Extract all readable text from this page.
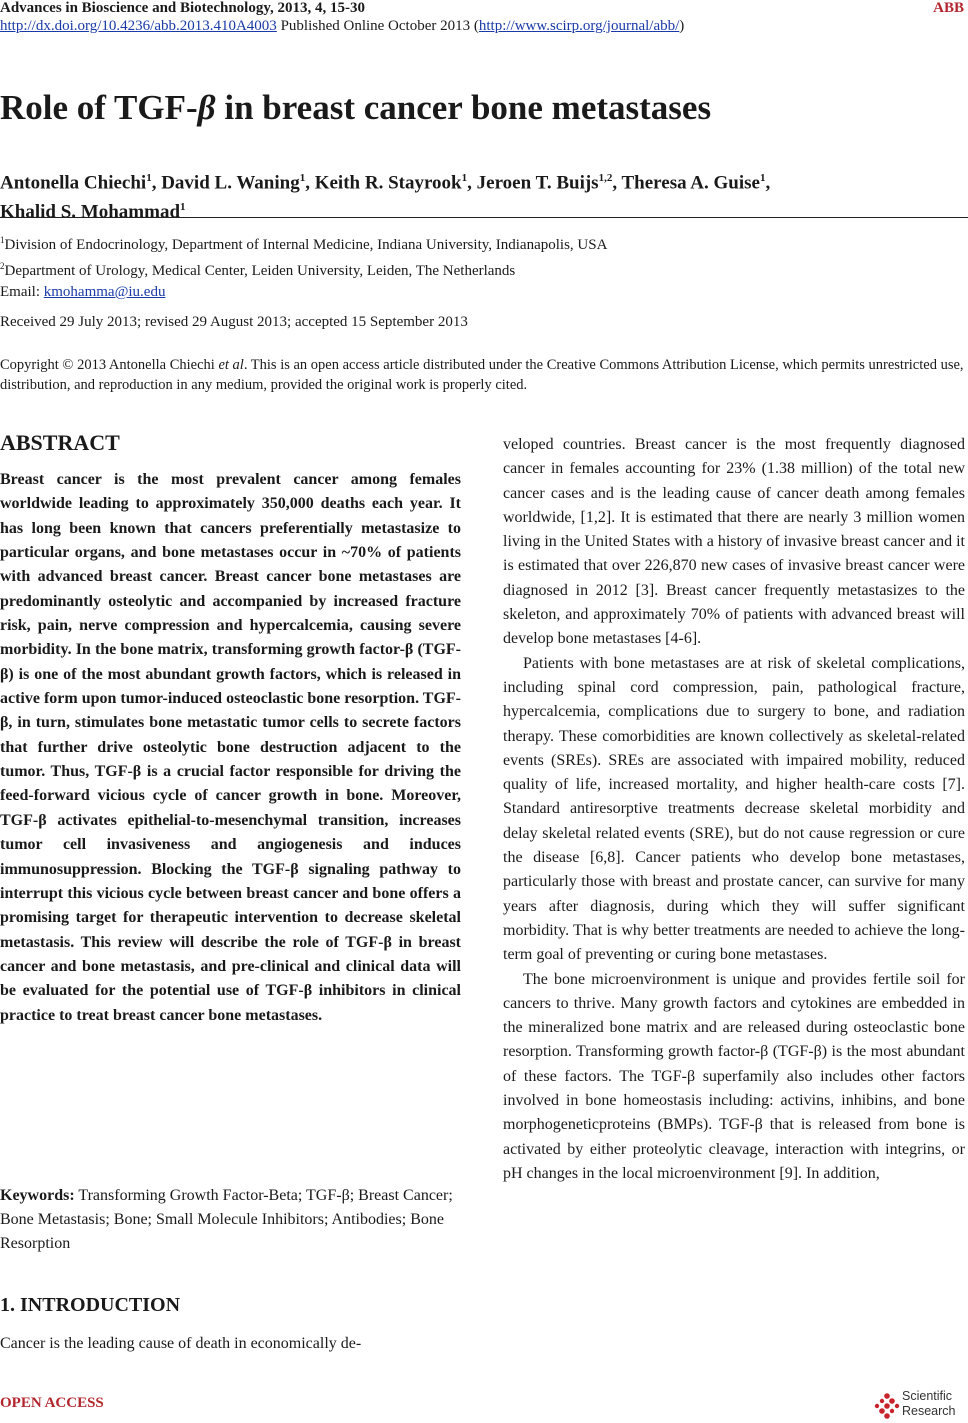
Advances in Bioscience and Biotechnology, 2013, 4, 15-30	ABB
http://dx.doi.org/10.4236/abb.2013.410A4003 Published Online October 2013 (http://www.scirp.org/journal/abb/)
Role of TGF-β in breast cancer bone metastases
Antonella Chiechi$^1$, David L. Waning$^1$, Keith R. Stayrook$^1$, Jeroen T. Buijs$^{1,2}$, Theresa A. Guise$^1$,
Khalid S. Mohammad$^1$
$^1$Division of Endocrinology, Department of Internal Medicine, Indiana University, Indianapolis, USA
$^2$Department of Urology, Medical Center, Leiden University, Leiden, The Netherlands
Email: kmohamma@iu.edu
Received 29 July 2013; revised 29 August 2013; accepted 15 September 2013
Copyright © 2013 Antonella Chiechi et al. This is an open access article distributed under the Creative Commons Attribution License, which permits unrestricted use, distribution, and reproduction in any medium, provided the original work is properly cited.
ABSTRACT

Breast cancer is the most prevalent cancer among females worldwide leading to approximately 350,000 deaths each year. It has long been known that cancers preferentially metastasize to particular organs, and bone metastases occur in ~70% of patients with advanced breast cancer. Breast cancer bone metastases are predominantly osteolytic and accompanied by increased fracture risk, pain, nerve compression and hypercalcemia, causing severe morbidity. In the bone matrix, transforming growth factor-β (TGF-β) is one of the most abundant growth factors, which is released in active form upon tumor-induced osteoclastic bone resorption. TGF-β, in turn, stimulates bone metastatic tumor cells to secrete factors that further drive osteolytic bone destruction adjacent to the tumor. Thus, TGF-β is a crucial factor responsible for driving the feed-forward vicious cycle of cancer growth in bone. Moreover, TGF-β activates epithelial-to-mesenchymal transition, increases tumor cell invasiveness and angiogenesis and induces immunosuppression. Blocking the TGF-β signaling pathway to interrupt this vicious cycle between breast cancer and bone offers a promising target for therapeutic intervention to decrease skeletal metastasis. This review will describe the role of TGF-β in breast cancer and bone metastasis, and pre-clinical and clinical data will be evaluated for the potential use of TGF-β inhibitors in clinical practice to treat breast cancer bone metastases.

Keywords: Transforming Growth Factor-Beta; TGF-β; Breast Cancer; Bone Metastasis; Bone; Small Molecule Inhibitors; Antibodies; Bone Resorption

1. INTRODUCTION

Cancer is the leading cause of death in economically de-

veloped countries. Breast cancer is the most frequently diagnosed cancer in females accounting for 23% (1.38 million) of the total new cancer cases and is the leading cause of cancer death among females worldwide, [1,2]. It is estimated that there are nearly 3 million women living in the United States with a history of invasive breast cancer and it is estimated that over 226,870 new cases of invasive breast cancer were diagnosed in 2012 [3]. Breast cancer frequently metastasizes to the skeleton, and approximately 70% of patients with advanced breast will develop bone metastases [4-6].

Patients with bone metastases are at risk of skeletal complications, including spinal cord compression, pain, pathological fracture, hypercalcemia, complications due to surgery to bone, and radiation therapy. These comorbidities are known collectively as skeletal-related events (SREs). SREs are associated with impaired mobility, reduced quality of life, increased mortality, and higher health-care costs [7]. Standard antiresorptive treatments decrease skeletal morbidity and delay skeletal related events (SRE), but do not cause regression or cure the disease [6,8]. Cancer patients who develop bone metastases, particularly those with breast and prostate cancer, can survive for many years after diagnosis, during which they will suffer significant morbidity. That is why better treatments are needed to achieve the long-term goal of preventing or curing bone metastases.

The bone microenvironment is unique and provides fertile soil for cancers to thrive. Many growth factors and cytokines are embedded in the mineralized bone matrix and are released during osteoclastic bone resorption. Transforming growth factor-β (TGF-β) is the most abundant of these factors. The TGF-β superfamily also includes other factors involved in bone homeostasis including: activins, inhibins, and bone morphogeneticproteins (BMPs). TGF-β that is released from bone is activated by either proteolytic cleavage, interaction with integrins, or pH changes in the local microenvironment [9]. In addition,

OPEN ACCESS	Scientific
Research
